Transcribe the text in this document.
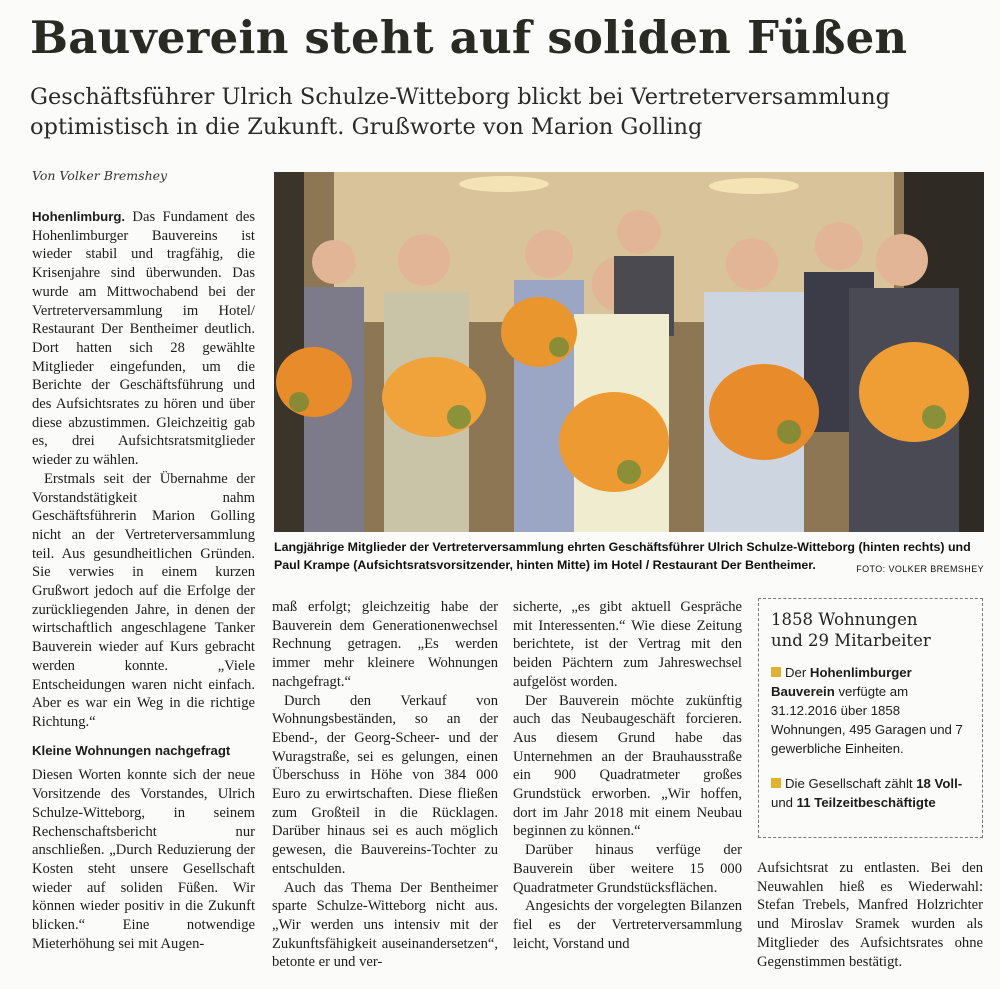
Bauverein steht auf soliden Füßen
Geschäftsführer Ulrich Schulze-Witteborg blickt bei Vertreterversammlung
optimistisch in die Zukunft. Grußworte von Marion Golling
Von Volker Bremshey

Hohenlimburg. Das Fundament des Hohenlimburger Bauvereins ist wieder stabil und tragfähig, die Krisenjahre sind überwunden. Das wurde am Mittwochabend bei der Vertreterversammlung im Hotel/ Restaurant Der Bentheimer deutlich. Dort hatten sich 28 gewählte Mitglieder eingefunden, um die Berichte der Geschäftsführung und des Aufsichtsrates zu hören und über diese abzustimmen. Gleichzeitig gab es, drei Aufsichtsratsmitglieder wieder zu wählen.

Erstmals seit der Übernahme der Vorstandstätigkeit nahm Geschäftsführerin Marion Golling nicht an der Vertreterversammlung teil. Aus gesundheitlichen Gründen. Sie verwies in einem kurzen Grußwort jedoch auf die Erfolge der zurückliegenden Jahre, in denen der wirtschaftlich angeschlagene Tanker Bauverein wieder auf Kurs gebracht werden konnte. „Viele Entscheidungen waren nicht einfach. Aber es war ein Weg in die richtige Richtung.“

Kleine Wohnungen nachgefragt

Diesen Worten konnte sich der neue Vorsitzende des Vorstandes, Ulrich Schulze-Witteborg, in seinem Rechenschaftsbericht nur anschließen. „Durch Reduzierung der Kosten steht unsere Gesellschaft wieder auf soliden Füßen. Wir können wieder positiv in die Zukunft blicken.“ Eine notwendige Mieterhöhung sei mit Augen-

Langjährige Mitglieder der Vertreterversammlung ehrten Geschäftsführer Ulrich Schulze-Witteborg (hinten rechts) und Paul Krampe (Aufsichtsratsvorsitzender, hinten Mitte) im Hotel / Restaurant Der Bentheimer.	FOTO: VOLKER BREMSHEY

maß erfolgt; gleichzeitig habe der Bauverein dem Generationenwechsel Rechnung getragen. „Es werden immer mehr kleinere Wohnungen nachgefragt.“

Durch den Verkauf von Wohnungsbeständen, so an der Ebend-, der Georg-Scheer- und der Wuragstraße, sei es gelungen, einen Überschuss in Höhe von 384 000 Euro zu erwirtschaften. Diese fließen zum Großteil in die Rücklagen. Darüber hinaus sei es auch möglich gewesen, die Bauvereins-Tochter zu entschulden.

Auch das Thema Der Bentheimer sparte Schulze-Witteborg nicht aus. „Wir werden uns intensiv mit der Zukunftsfähigkeit auseinandersetzen“, betonte er und ver-

sicherte, „es gibt aktuell Gespräche mit Interessenten.“ Wie diese Zeitung berichtete, ist der Vertrag mit den beiden Pächtern zum Jahreswechsel aufgelöst worden.

Der Bauverein möchte zukünftig auch das Neubaugeschäft forcieren. Aus diesem Grund habe das Unternehmen an der Brauhausstraße ein 900 Quadratmeter großes Grundstück erworben. „Wir hoffen, dort im Jahr 2018 mit einem Neubau beginnen zu können.“

Darüber hinaus verfüge der Bauverein über weitere 15 000 Quadratmeter Grundstücksflächen.

Angesichts der vorgelegten Bilanzen fiel es der Vertreterversammlung leicht, Vorstand und

1858 Wohnungen
und 29 Mitarbeiter
Der Hohenlimburger Bauverein verfügte am 31.12.2016 über 1858 Wohnungen, 495 Garagen und 7 gewerbliche Einheiten.
Die Gesellschaft zählt 18 Voll- und 11 Teilzeitbeschäftigte

Aufsichtsrat zu entlasten. Bei den Neuwahlen hieß es Wiederwahl: Stefan Trebels, Manfred Holzrichter und Miroslav Sramek wurden als Mitglieder des Aufsichtsrates ohne Gegenstimmen bestätigt.
